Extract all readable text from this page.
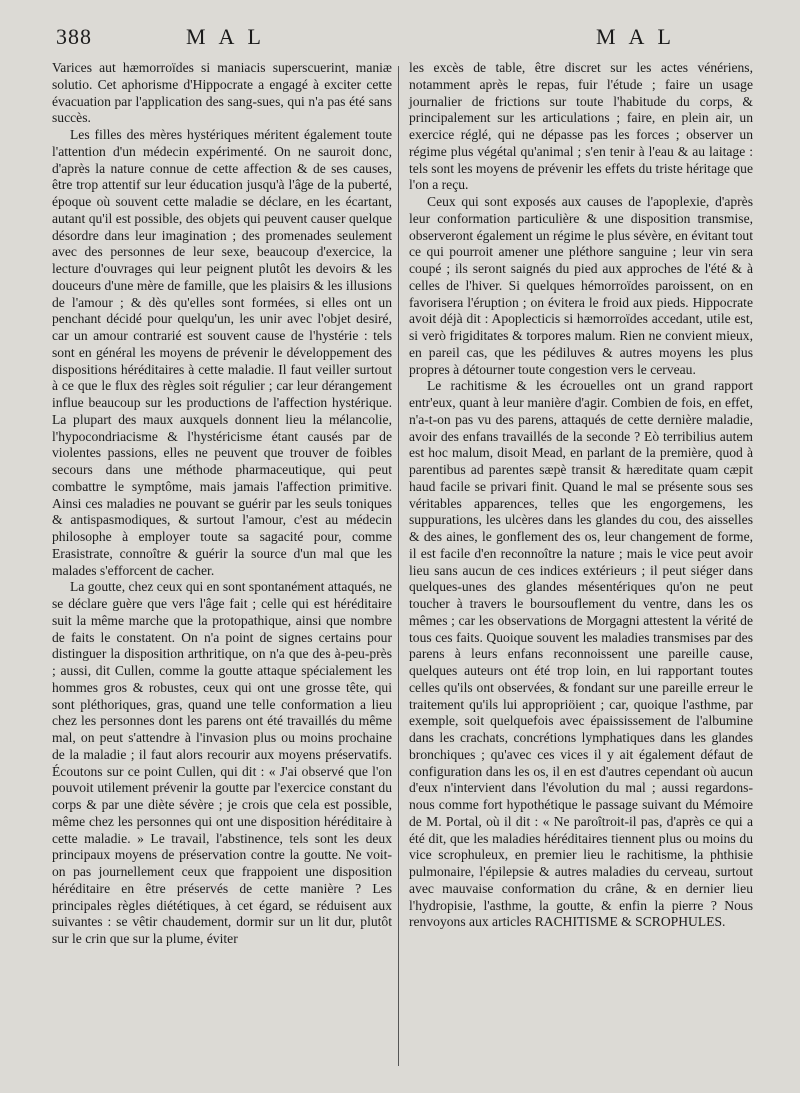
388	MAL	MAL

Varices aut hæmorroïdes si maniacis superscuerint, maniæ solutio. Cet aphorisme d'Hippocrate a engagé à exciter cette évacuation par l'application des sang-sues, qui n'a pas été sans succès.

Les filles des mères hystériques méritent également toute l'attention d'un médecin expérimenté. On ne sauroit donc, d'après la nature connue de cette affection & de ses causes, être trop attentif sur leur éducation jusqu'à l'âge de la puberté, époque où souvent cette maladie se déclare, en les écartant, autant qu'il est possible, des objets qui peuvent causer quelque désordre dans leur imagination ; des promenades seulement avec des personnes de leur sexe, beaucoup d'exercice, la lecture d'ouvrages qui leur peignent plutôt les devoirs & les douceurs d'une mère de famille, que les plaisirs & les illusions de l'amour ; & dès qu'elles sont formées, si elles ont un penchant décidé pour quelqu'un, les unir avec l'objet desiré, car un amour contrarié est souvent cause de l'hystérie : tels sont en général les moyens de prévenir le développement des dispositions héréditaires à cette maladie. Il faut veiller surtout à ce que le flux des règles soit régulier ; car leur dérangement influe beaucoup sur les productions de l'affection hystérique. La plupart des maux auxquels donnent lieu la mélancolie, l'hypocondriacisme & l'hystéricisme étant causés par de violentes passions, elles ne peuvent que trouver de foibles secours dans une méthode pharmaceutique, qui peut combattre le symptôme, mais jamais l'affection primitive. Ainsi ces maladies ne pouvant se guérir par les seuls toniques & antispasmodiques, & surtout l'amour, c'est au médecin philosophe à employer toute sa sagacité pour, comme Erasistrate, connoître & guérir la source d'un mal que les malades s'efforcent de cacher.

La goutte, chez ceux qui en sont spontanément attaqués, ne se déclare guère que vers l'âge fait ; celle qui est héréditaire suit la même marche que la protopathique, ainsi que nombre de faits le constatent. On n'a point de signes certains pour distinguer la disposition arthritique, on n'a que des à-peu-près ; aussi, dit Cullen, comme la goutte attaque spécialement les hommes gros & robustes, ceux qui ont une grosse tête, qui sont pléthoriques, gras, quand une telle conformation a lieu chez les personnes dont les parens ont été travaillés du même mal, on peut s'attendre à l'invasion plus ou moins prochaine de la maladie ; il faut alors recourir aux moyens préservatifs. Écoutons sur ce point Cullen, qui dit : « J'ai observé que l'on pouvoit utilement prévenir la goutte par l'exercice constant du corps & par une diète sévère ; je crois que cela est possible, même chez les personnes qui ont une disposition héréditaire à cette maladie. » Le travail, l'abstinence, tels sont les deux principaux moyens de préservation contre la goutte. Ne voit-on pas journellement ceux que frappoient une disposition héréditaire en être préservés de cette manière ? Les principales règles diététiques, à cet égard, se réduisent aux suivantes : se vêtir chaudement, dormir sur un lit dur, plutôt sur le crin que sur la plume, éviter

les excès de table, être discret sur les actes vénériens, notamment après le repas, fuir l'étude ; faire un usage journalier de frictions sur toute l'habitude du corps, & principalement sur les articulations ; faire, en plein air, un exercice réglé, qui ne dépasse pas les forces ; observer un régime plus végétal qu'animal ; s'en tenir à l'eau & au laitage : tels sont les moyens de prévenir les effets du triste héritage que l'on a reçu.

Ceux qui sont exposés aux causes de l'apoplexie, d'après leur conformation particulière & une disposition transmise, observeront également un régime le plus sévère, en évitant tout ce qui pourroit amener une pléthore sanguine ; leur vin sera coupé ; ils seront saignés du pied aux approches de l'été & à celles de l'hiver. Si quelques hémorroïdes paroissent, on en favorisera l'éruption ; on évitera le froid aux pieds. Hippocrate avoit déjà dit : Apoplecticis si hæmorroïdes accedant, utile est, si verò frigiditates & torpores malum. Rien ne convient mieux, en pareil cas, que les pédiluves & autres moyens les plus propres à détourner toute congestion vers le cerveau.

Le rachitisme & les écrouelles ont un grand rapport entr'eux, quant à leur manière d'agir. Combien de fois, en effet, n'a-t-on pas vu des parens, attaqués de cette dernière maladie, avoir des enfans travaillés de la seconde ? Eò terribilius autem est hoc malum, disoit Mead, en parlant de la première, quod à parentibus ad parentes sæpè transit & hæreditate quam cæpit haud facile se privari finit. Quand le mal se présente sous ses véritables apparences, telles que les engorgemens, les suppurations, les ulcères dans les glandes du cou, des aisselles & des aines, le gonflement des os, leur changement de forme, il est facile d'en reconnoître la nature ; mais le vice peut avoir lieu sans aucun de ces indices extérieurs ; il peut siéger dans quelques-unes des glandes mésentériques qu'on ne peut toucher à travers le boursouflement du ventre, dans les os mêmes ; car les observations de Morgagni attestent la vérité de tous ces faits. Quoique souvent les maladies transmises par des parens à leurs enfans reconnoissent une pareille cause, quelques auteurs ont été trop loin, en lui rapportant toutes celles qu'ils ont observées, & fondant sur une pareille erreur le traitement qu'ils lui appropriöient ; car, quoique l'asthme, par exemple, soit quelquefois avec épaississement de l'albumine dans les crachats, concrétions lymphatiques dans les glandes bronchiques ; qu'avec ces vices il y ait également défaut de configuration dans les os, il en est d'autres cependant où aucun d'eux n'intervient dans l'évolution du mal ; aussi regardons-nous comme fort hypothétique le passage suivant du Mémoire de M. Portal, où il dit : « Ne paroîtroit-il pas, d'après ce qui a été dit, que les maladies héréditaires tiennent plus ou moins du vice scrophuleux, en premier lieu le rachitisme, la phthisie pulmonaire, l'épilepsie & autres maladies du cerveau, surtout avec mauvaise conformation du crâne, & en dernier lieu l'hydropisie, l'asthme, la goutte, & enfin la pierre ? Nous renvoyons aux articles RACHITISME & SCROPHULES.
